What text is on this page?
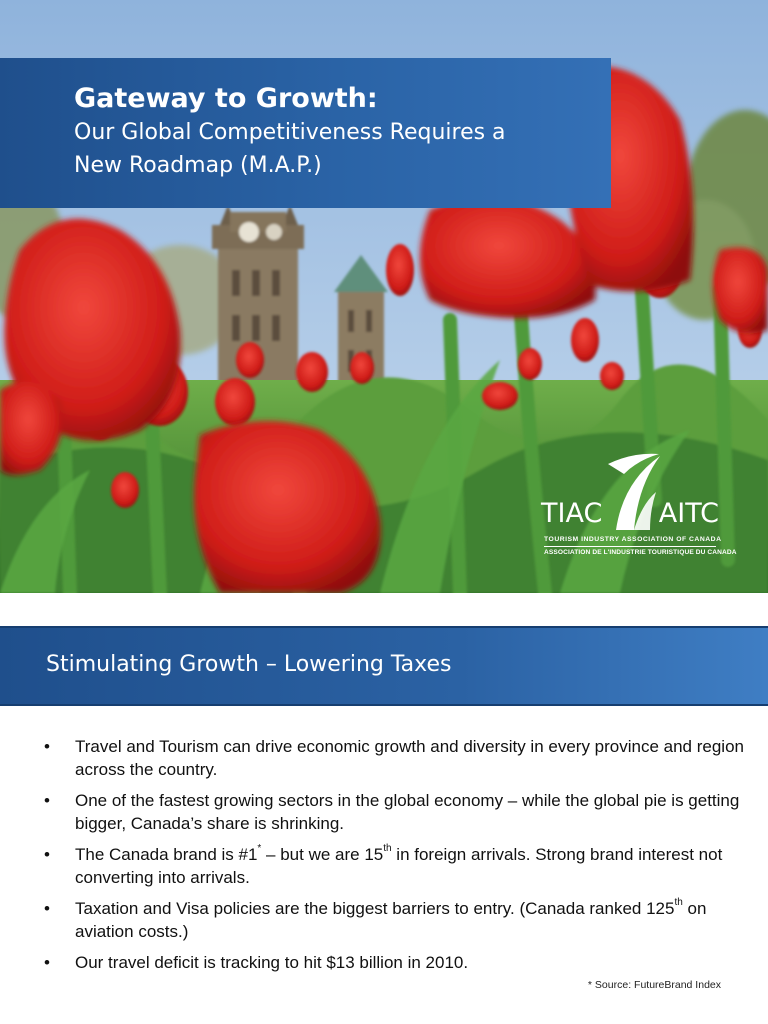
Gateway to Growth:
Our Global Competitiveness Requires a
New Roadmap (M.A.P.)
TIAC AITC
TOURISM INDUSTRY ASSOCIATION OF CANADA
ASSOCIATION DE L'INDUSTRIE TOURISTIQUE DU CANADA
Stimulating Growth – Lowering Taxes
• Travel and Tourism can drive economic growth and diversity in every province and region across the country.
• One of the fastest growing sectors in the global economy – while the global pie is getting bigger, Canada’s share is shrinking.
• The Canada brand is #1* – but we are 15th in foreign arrivals. Strong brand interest not converting into arrivals.
• Taxation and Visa policies are the biggest barriers to entry. (Canada ranked 125th on aviation costs.)
• Our travel deficit is tracking to hit $13 billion in 2010.
* Source: FutureBrand Index
